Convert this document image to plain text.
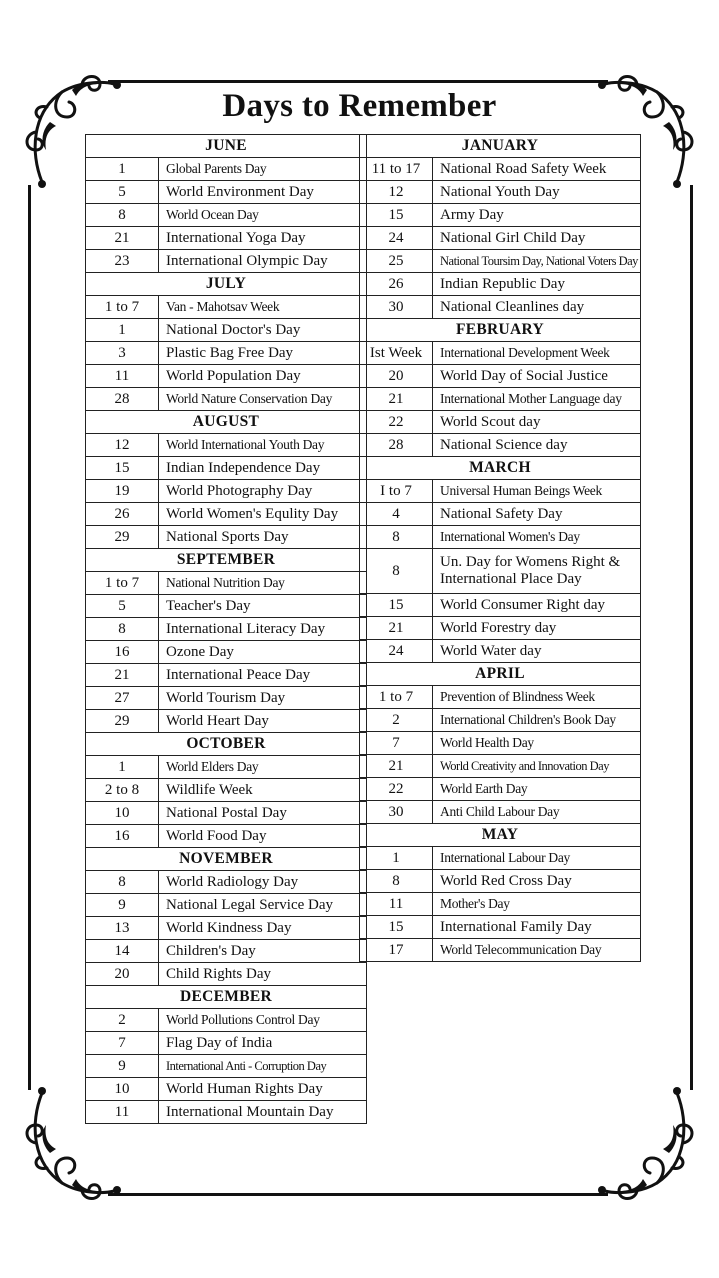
Days to Remember
JUNE	
1	Global Parents Day
5	World Environment Day
8	World Ocean Day
21	International Yoga Day
23	International Olympic Day
JULY	
1 to 7	Van - Mahotsav Week
1	National Doctor's Day
3	Plastic Bag Free Day
11	World Population Day
28	World Nature Conservation Day
AUGUST	
12	World International Youth Day
15	Indian Independence Day
19	World Photography Day
26	World Women's Equlity Day
29	National Sports Day
SEPTEMBER	
1 to 7	National Nutrition Day
5	Teacher's Day
8	International Literacy Day
16	Ozone Day
21	International Peace Day
27	World Tourism Day
29	World Heart Day
OCTOBER	
1	World Elders Day
2 to 8	Wildlife Week
10	National Postal Day
16	World Food Day
NOVEMBER	
8	World Radiology Day
9	National Legal Service Day
13	World Kindness Day
14	Children's Day
20	Child Rights Day
DECEMBER	
2	World Pollutions Control Day
7	Flag Day of India
9	International Anti - Corruption Day
10	World Human Rights Day
11	International Mountain Day
JANUARY	
11 to 17	National Road Safety Week
12	National Youth Day
15	Army Day
24	National Girl Child Day
25	National Toursim Day, National Voters Day
26	Indian Republic Day
30	National Cleanlines day
FEBRUARY	
Ist Week	International Development Week
20	World Day of Social Justice
21	International Mother Language day
22	World Scout day
28	National Science day
MARCH	
I to 7	Universal Human Beings Week
4	National Safety Day
8	International Women's Day
8	Un. Day for Womens Right & International Place Day
15	World Consumer Right day
21	World Forestry day
24	World Water day
APRIL	
1 to 7	Prevention of Blindness Week
2	International Children's Book Day
7	World Health Day
21	World Creativity and Innovation Day
22	World Earth Day
30	Anti Child Labour Day
MAY	
1	International Labour Day
8	World Red Cross Day
11	Mother's Day
15	International Family Day
17	World Telecommunication Day
